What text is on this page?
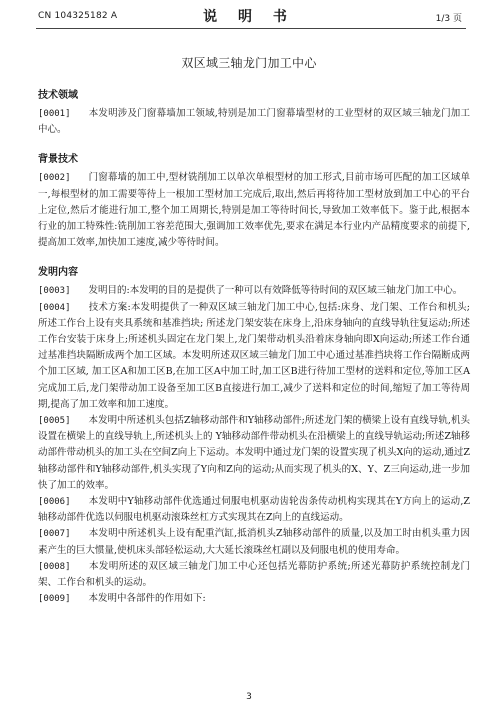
CN 104325182 A	说 明 书	1/3 页
双区域三轴龙门加工中心
技术领域

[0001] 本发明涉及门窗幕墙加工领域,特别是加工门窗幕墙型材的工业型材的双区域三轴龙门加工中心。

背景技术

[0002] 门窗幕墙的加工中,型材铣削加工以单次单根型材的加工形式,目前市场可匹配的加工区域单一,每根型材的加工需要等待上一根加工型材加工完成后,取出,然后再将待加工型材放到加工中心的平台上定位,然后才能进行加工,整个加工周期长,特别是加工等待时间长,导致加工效率低下。鉴于此,根据本行业的加工特殊性:铣削加工容差范围大,强调加工效率优先,要求在满足本行业内产品精度要求的前提下,提高加工效率,加快加工速度,减少等待时间。

发明内容

[0003] 发明目的:本发明的目的是提供了一种可以有效降低等待时间的双区域三轴龙门加工中心。

[0004] 技术方案:本发明提供了一种双区域三轴龙门加工中心,包括:床身、龙门架、工作台和机头;所述工作台上设有夹具系统和基准挡块; 所述龙门架安装在床身上,沿床身轴向的直线导轨往复运动;所述工作台安装于床身上;所述机头固定在龙门架上,龙门架带动机头沿着床身轴向即X向运动;所述工作台通过基准挡块隔断成两个加工区域。本发明所述双区域三轴龙门加工中心通过基准挡块将工作台隔断成两个加工区域, 加工区A和加工区B,在加工区A中加工时,加工区B进行待加工型材的送料和定位,等加工区A完成加工后,龙门架带动加工设备至加工区B直接进行加工,减少了送料和定位的时间,缩短了加工等待周期,提高了加工效率和加工速度。

[0005] 本发明中所述机头包括Z轴移动部件和Y轴移动部件;所述龙门架的横梁上设有直线导轨,机头设置在横梁上的直线导轨上,所述机头上的 Y轴移动部件带动机头在沿横梁上的直线导轨运动;所述Z轴移动部件带动机头的加工头在空间Z向上下运动。本发明中通过龙门架的设置实现了机头X向的运动,通过Z轴移动部件和Y轴移动部件,机头实现了Y向和Z向的运动;从而实现了机头的X、Y、Z三向运动,进一步加快了加工的效率。

[0006] 本发明中Y轴移动部件优选通过伺服电机驱动齿轮齿条传动机构实现其在Y方向上的运动,Z轴移动部件优选以伺服电机驱动滚珠丝杠方式实现其在Z向上的直线运动。

[0007] 本发明中所述机头上设有配重汽缸,抵消机头Z轴移动部件的质量,以及加工时由机头重力因素产生的巨大惯量,使机床头部轻松运动,大大延长滚珠丝杠副以及伺服电机的使用寿命。

[0008] 本发明所述的双区域三轴龙门加工中心还包括光幕防护系统;所述光幕防护系统控制龙门架、工作台和机头的运动。

[0009] 本发明中各部件的作用如下:

3
